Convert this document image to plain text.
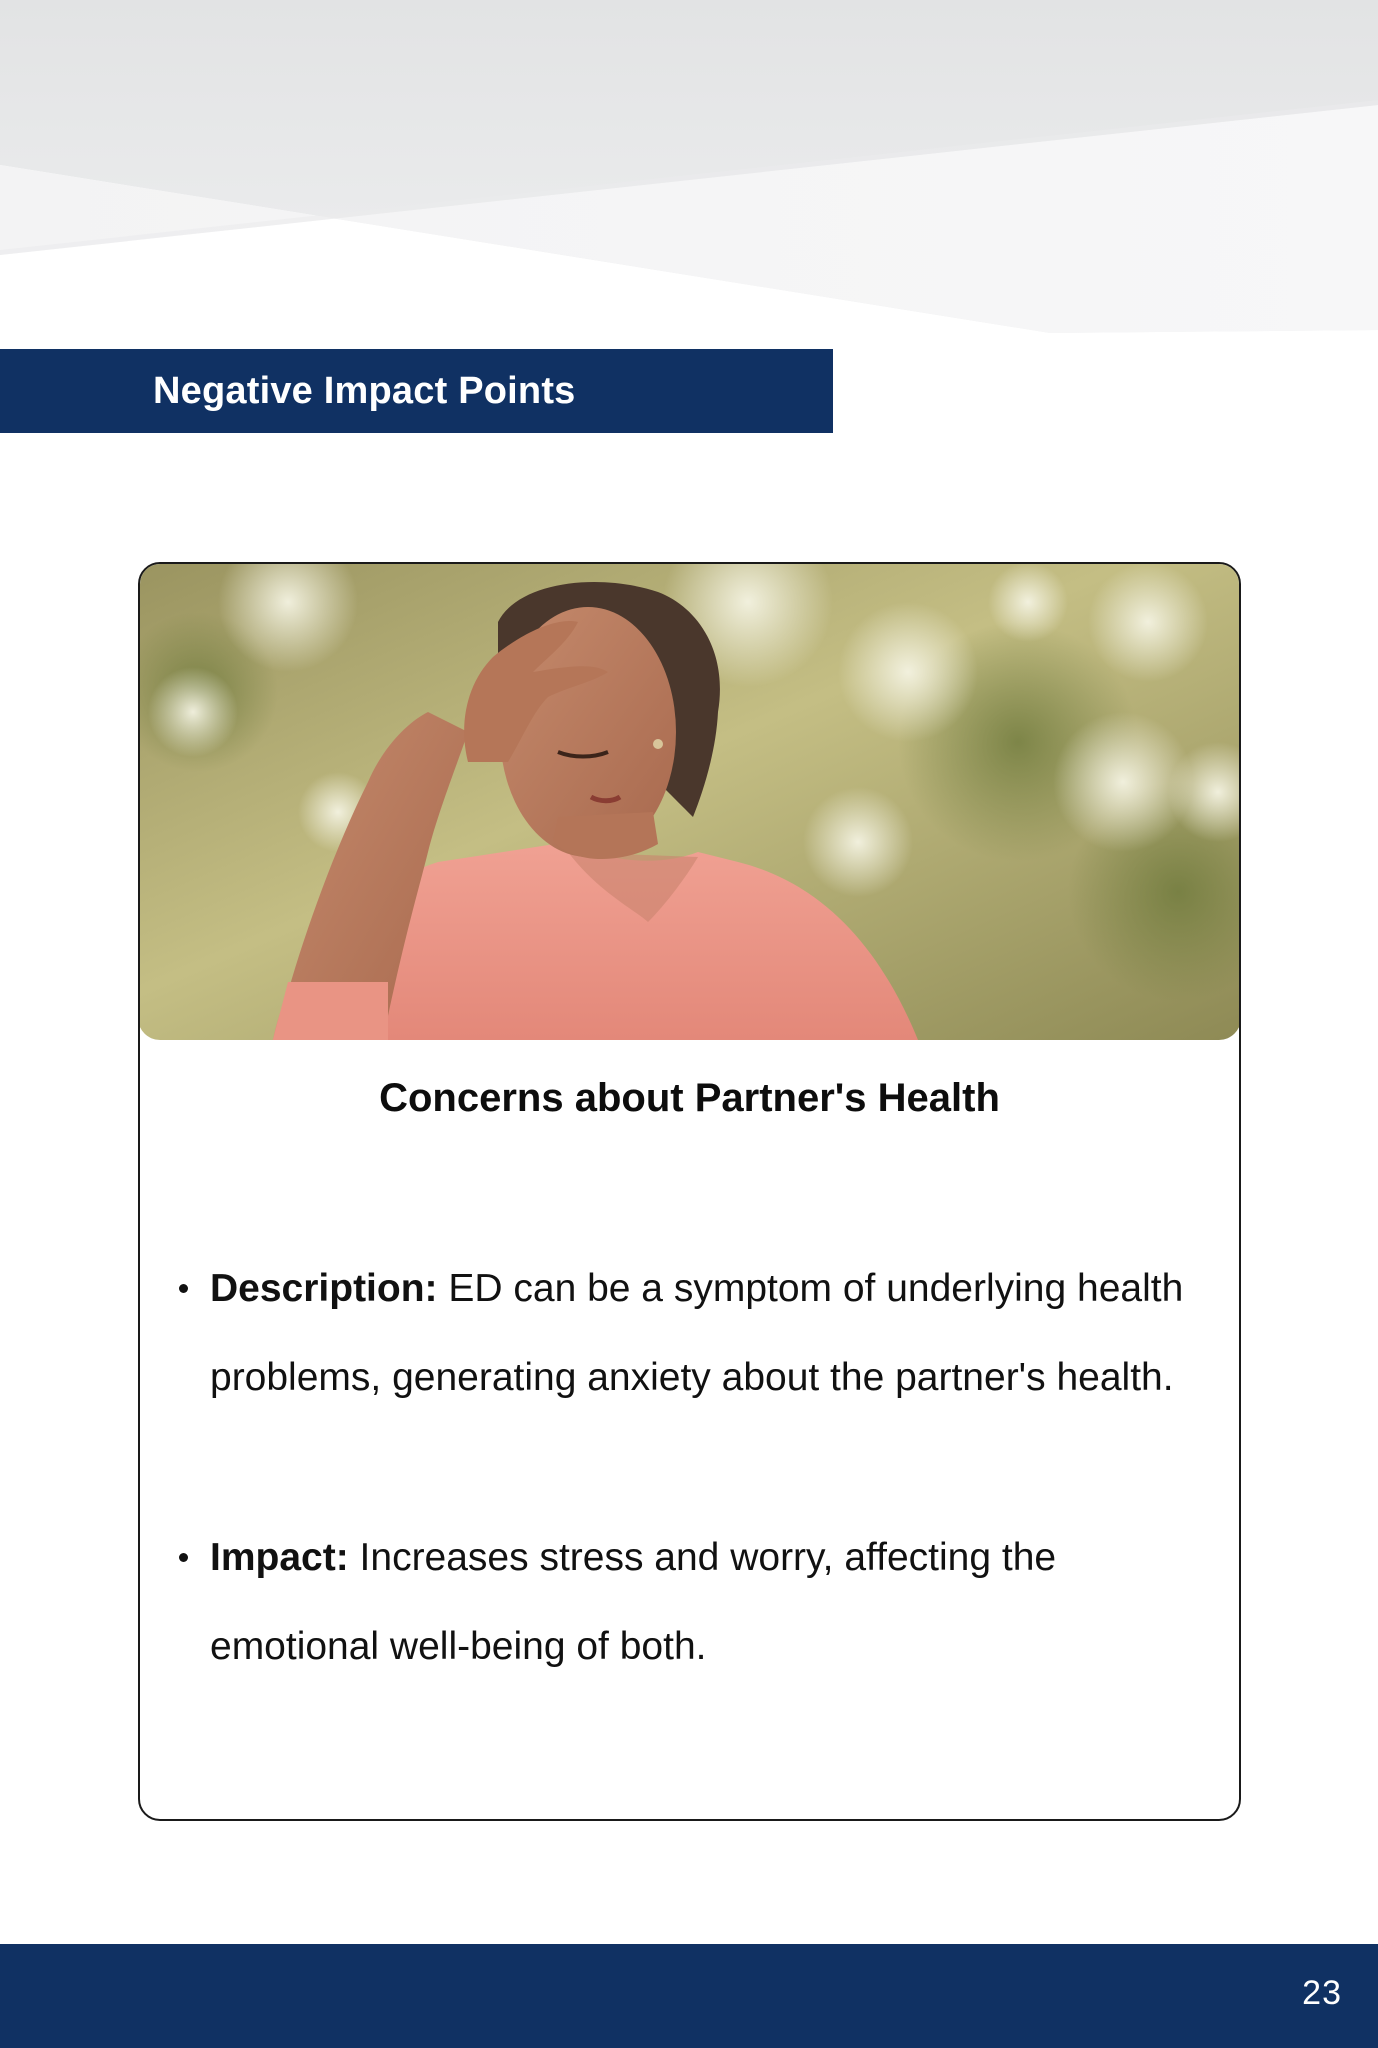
Negative Impact Points
Concerns about Partner's Health
Description: ED can be a symptom of underlying health problems, generating anxiety about the partner's health.
Impact: Increases stress and worry, affecting the emotional well-being of both.

23
